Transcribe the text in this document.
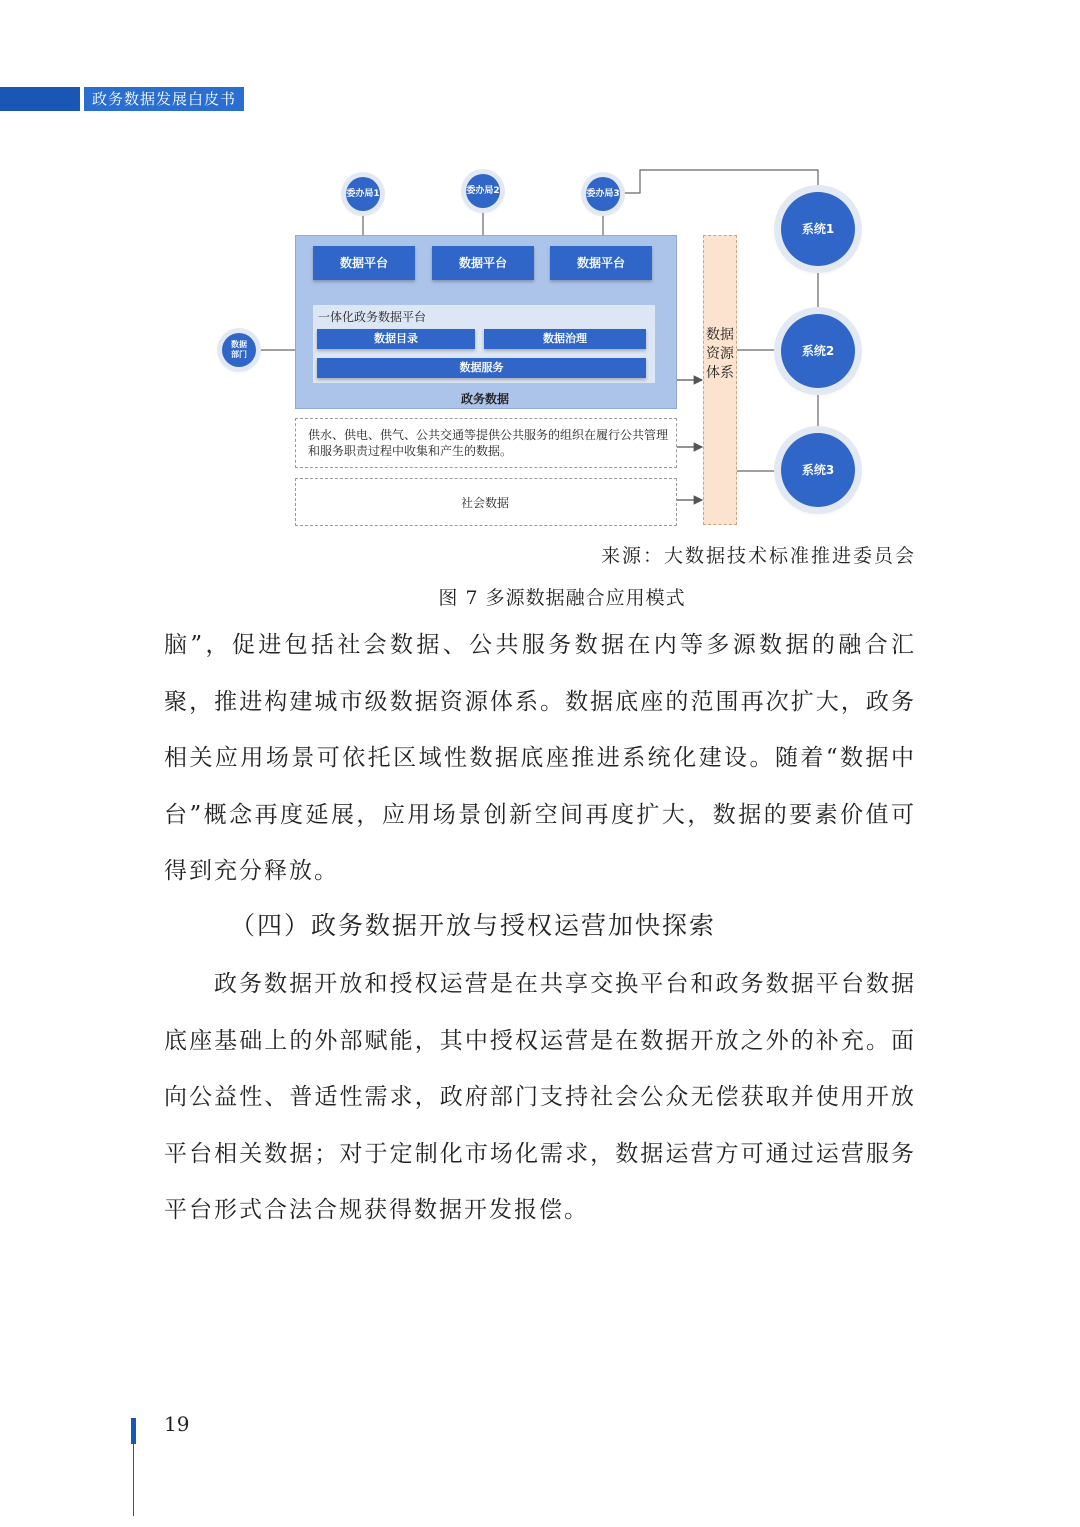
政务数据发展白皮书
委办局1	委办局2	委办局3
数据平台	数据平台	数据平台
一体化政务数据平台
数据目录	数据治理
数据服务
政务数据
数据部门
供水、供电、供气、公共交通等提供公共服务的组织在履行公共管理和服务职责过程中收集和产生的数据。
社会数据
数据资源体系
系统1
系统2
系统3
来源：大数据技术标准推进委员会
图 7 多源数据融合应用模式

脑”，促进包括社会数据、公共服务数据在内等多源数据的融合汇聚，推进构建城市级数据资源体系。数据底座的范围再次扩大，政务相关应用场景可依托区域性数据底座推进系统化建设。随着“数据中台”概念再度延展，应用场景创新空间再度扩大，数据的要素价值可得到充分释放。

（四）政务数据开放与授权运营加快探索

政务数据开放和授权运营是在共享交换平台和政务数据平台数据底座基础上的外部赋能，其中授权运营是在数据开放之外的补充。面向公益性、普适性需求，政府部门支持社会公众无偿获取并使用开放平台相关数据；对于定制化市场化需求，数据运营方可通过运营服务平台形式合法合规获得数据开发报偿。

19
